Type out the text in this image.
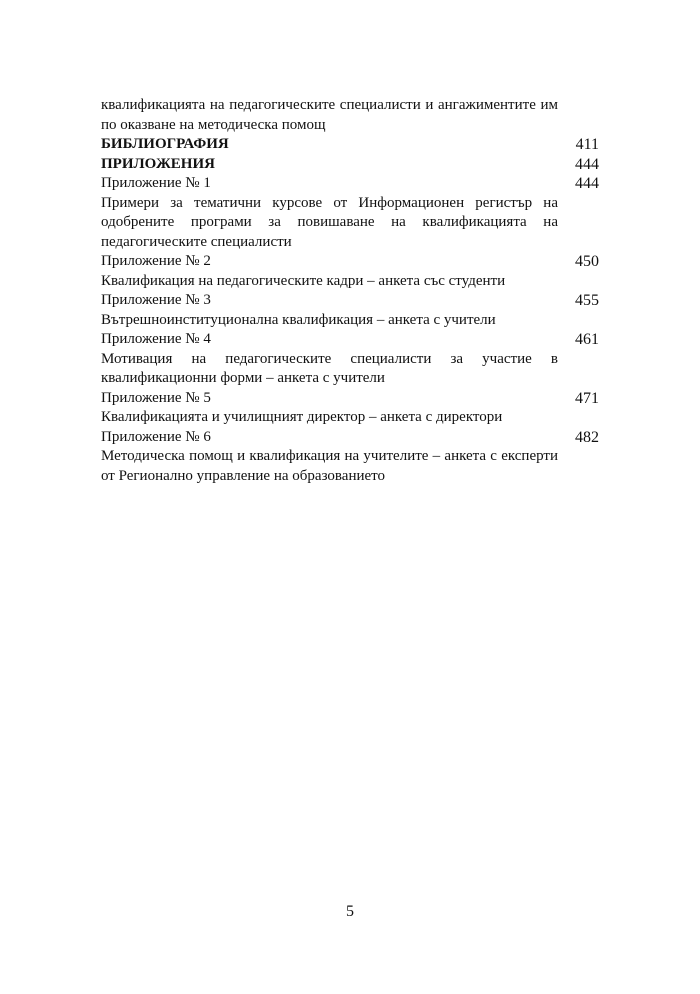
квалификацията на педагогическите специалисти и ангажиментите им по оказване на методическа помощ
БИБЛИОГРАФИЯ	411
ПРИЛОЖЕНИЯ	444
Приложение № 1	444
Примери за тематични курсове от Информационен регистър на одобрените програми за повишаване на квалификацията на педагогическите специалисти
Приложение № 2	450
Квалификация на педагогическите кадри – анкета със студенти
Приложение № 3	455
Вътрешноинституционална квалификация – анкета с учители
Приложение № 4	461
Мотивация на педагогическите специалисти за участие в квалификационни форми – анкета с учители
Приложение № 5	471
Квалификацията и училищният директор – анкета с директори
Приложение № 6	482
Методическа помощ и квалификация на учителите – анкета с експерти от Регионално управление на образованието
5
